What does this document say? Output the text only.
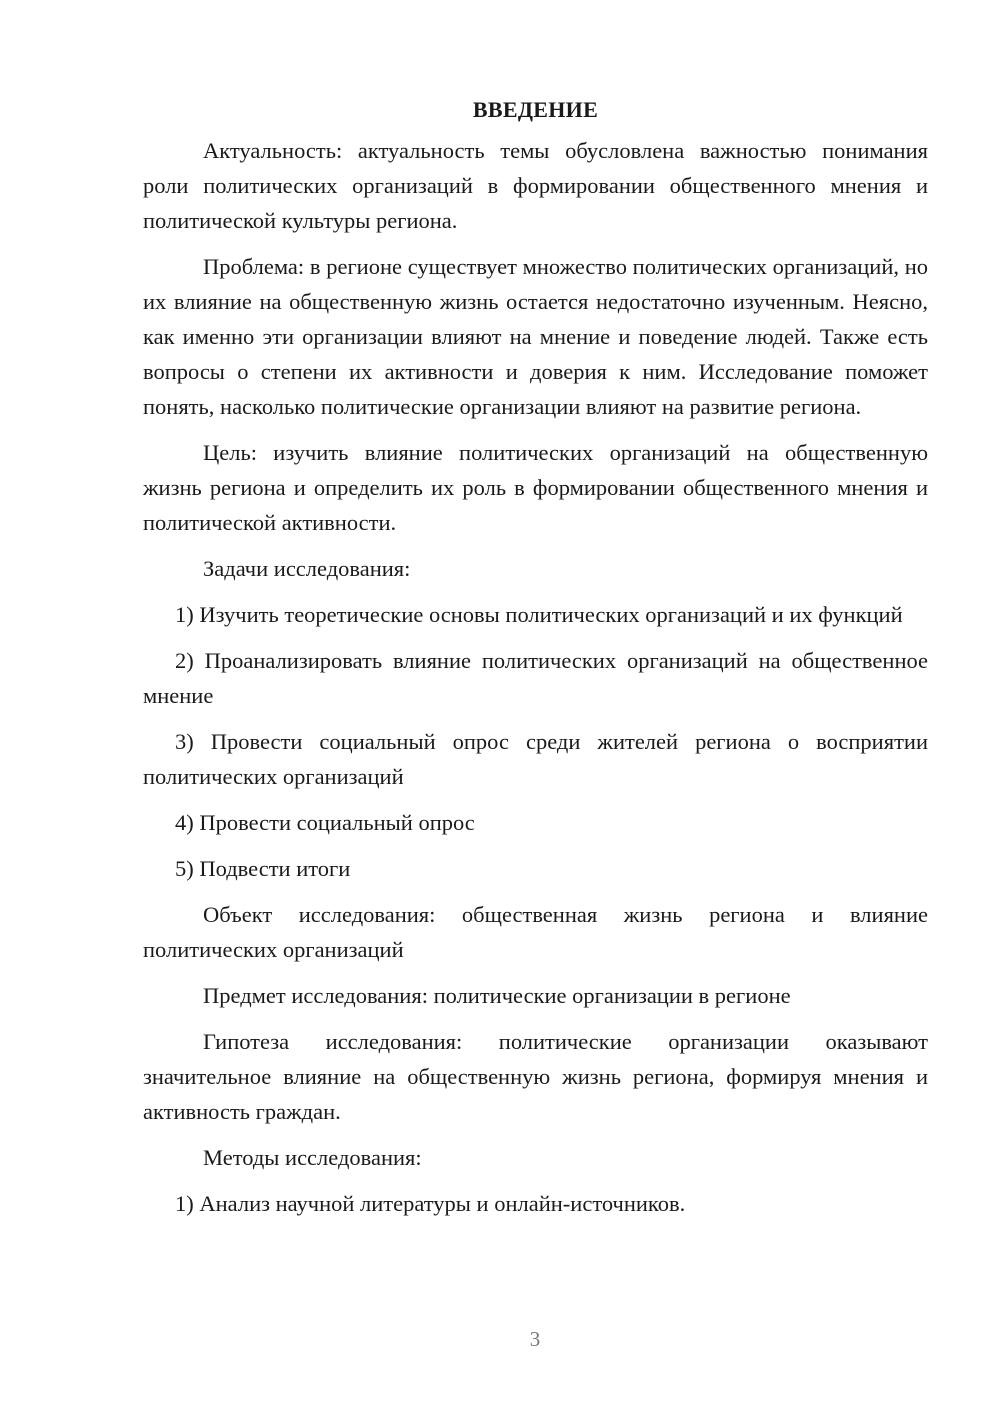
ВВЕДЕНИЕ

Актуальность: актуальность темы обусловлена важностью понимания роли политических организаций в формировании общественного мнения и политической культуры региона.

Проблема: в регионе существует множество политических организаций, но их влияние на общественную жизнь остается недостаточно изученным. Неясно, как именно эти организации влияют на мнение и поведение людей. Также есть вопросы о степени их активности и доверия к ним. Исследование поможет понять, насколько политические организации влияют на развитие региона.

Цель: изучить влияние политических организаций на общественную жизнь региона и определить их роль в формировании общественного мнения и политической активности.

Задачи исследования:

1) Изучить теоретические основы политических организаций и их функций

2) Проанализировать влияние политических организаций на общественное мнение

3) Провести социальный опрос среди жителей региона о восприятии политических организаций

4) Провести социальный опрос

5) Подвести итоги

Объект исследования: общественная жизнь региона и влияние политических организаций

Предмет исследования: политические организации в регионе

Гипотеза исследования: политические организации оказывают значительное влияние на общественную жизнь региона, формируя мнения и активность граждан.

Методы исследования:

1) Анализ научной литературы и онлайн-источников.

3
